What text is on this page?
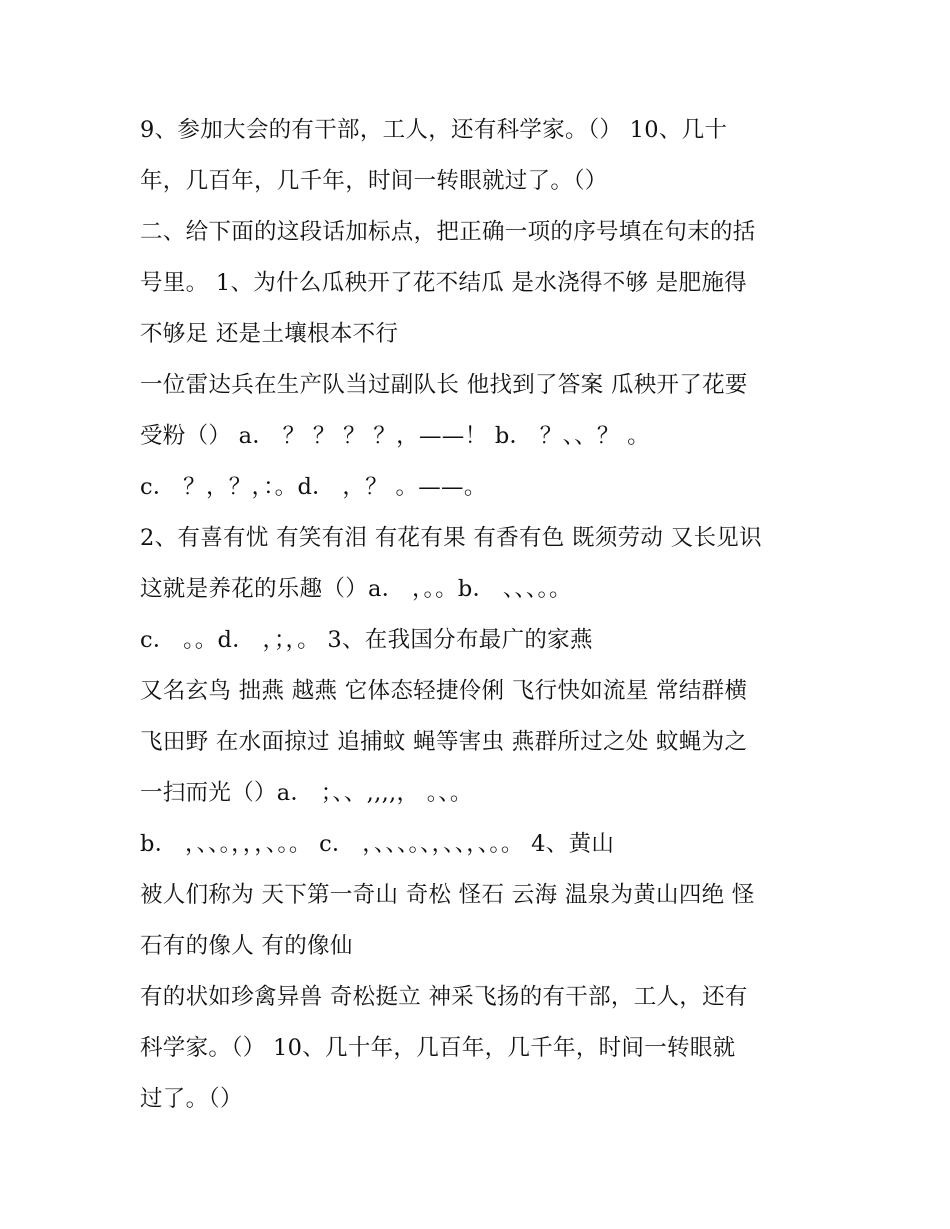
9、参加大会的有干部，工人，还有科学家。（） 10、几十
年，几百年，几千年，时间一转眼就过了。（）
二、给下面的这段话加标点，把正确一项的序号填在句末的括
号里。 1、为什么瓜秧开了花不结瓜 是水浇得不够 是肥施得
不够足 还是土壤根本不行
一位雷达兵在生产队当过副队长 他找到了答案 瓜秧开了花要
受粉（） a． ？ ？ ？ ？，——！ b． ？、、？ 。
c． ？，？，：。d． ，？ 。——。
2、有喜有忧 有笑有泪 有花有果 有香有色 既须劳动 又长见识
这就是养花的乐趣（）a． ，。。b． 、、、。。
c． 。。d． ，；，。 3、在我国分布最广的家燕
又名玄鸟 拙燕 越燕 它体态轻捷伶俐 飞行快如流星 常结群横
飞田野 在水面掠过 追捕蚊 蝇等害虫 燕群所过之处 蚊蝇为之
一扫而光（）a． ；、、,,,,， 。、。
b． ，、、。，，，、。。 c． ，、、、。、，、、，、。。 4、黄山
被人们称为 天下第一奇山 奇松 怪石 云海 温泉为黄山四绝 怪
石有的像人 有的像仙
有的状如珍禽异兽 奇松挺立 神采飞扬的有干部，工人，还有
科学家。（） 10、几十年，几百年，几千年，时间一转眼就
过了。（）
